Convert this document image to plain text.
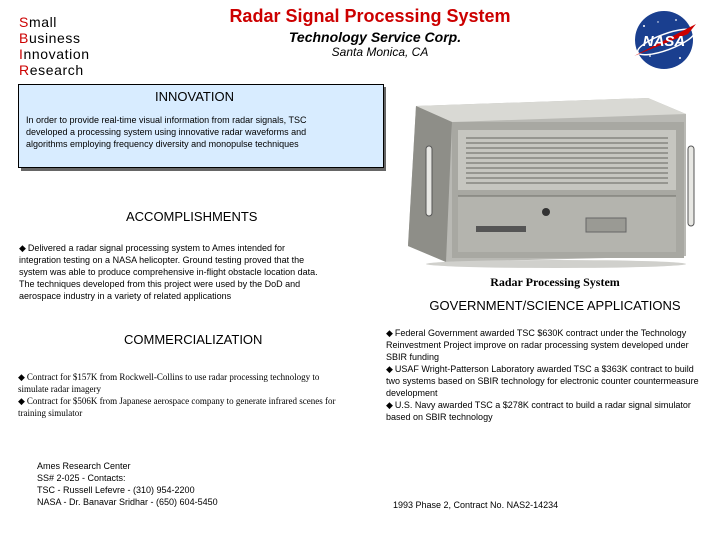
Small
Business
Innovation
Research
Radar Signal Processing System
Technology Service Corp.
Santa Monica, CA
NASA
INNOVATION
In order to provide real-time visual information from radar signals, TSC developed a processing system using innovative radar waveforms and algorithms employing frequency diversity and monopulse techniques
Radar Processing System
ACCOMPLISHMENTS
◆ Delivered a radar signal processing system to Ames intended for integration testing on a NASA helicopter. Ground testing proved that the system was able to produce comprehensive in-flight obstacle location data. The techniques developed from this project were used by the DoD and aerospace industry in a variety of related applications
GOVERNMENT/SCIENCE APPLICATIONS

◆ Federal Government awarded TSC $630K contract under the Technology Reinvestment Project improve on radar processing system developed under SBIR funding

◆ USAF Wright-Patterson Laboratory awarded TSC a $363K contract to build two systems based on SBIR technology for electronic counter countermeasure development

◆ U.S. Navy awarded TSC a $278K contract to build a radar signal simulator based on SBIR technology

COMMERCIALIZATION

◆ Contract for $157K from Rockwell-Collins to use radar processing technology to simulate radar imagery

◆ Contract for $506K from Japanese aerospace company to generate infrared scenes for training simulator

Ames Research Center
SS# 2-025 - Contacts:
TSC - Russell Lefevre - (310) 954-2200
NASA - Dr. Banavar Sridhar - (650) 604-5450	1993 Phase 2, Contract No. NAS2-14234
